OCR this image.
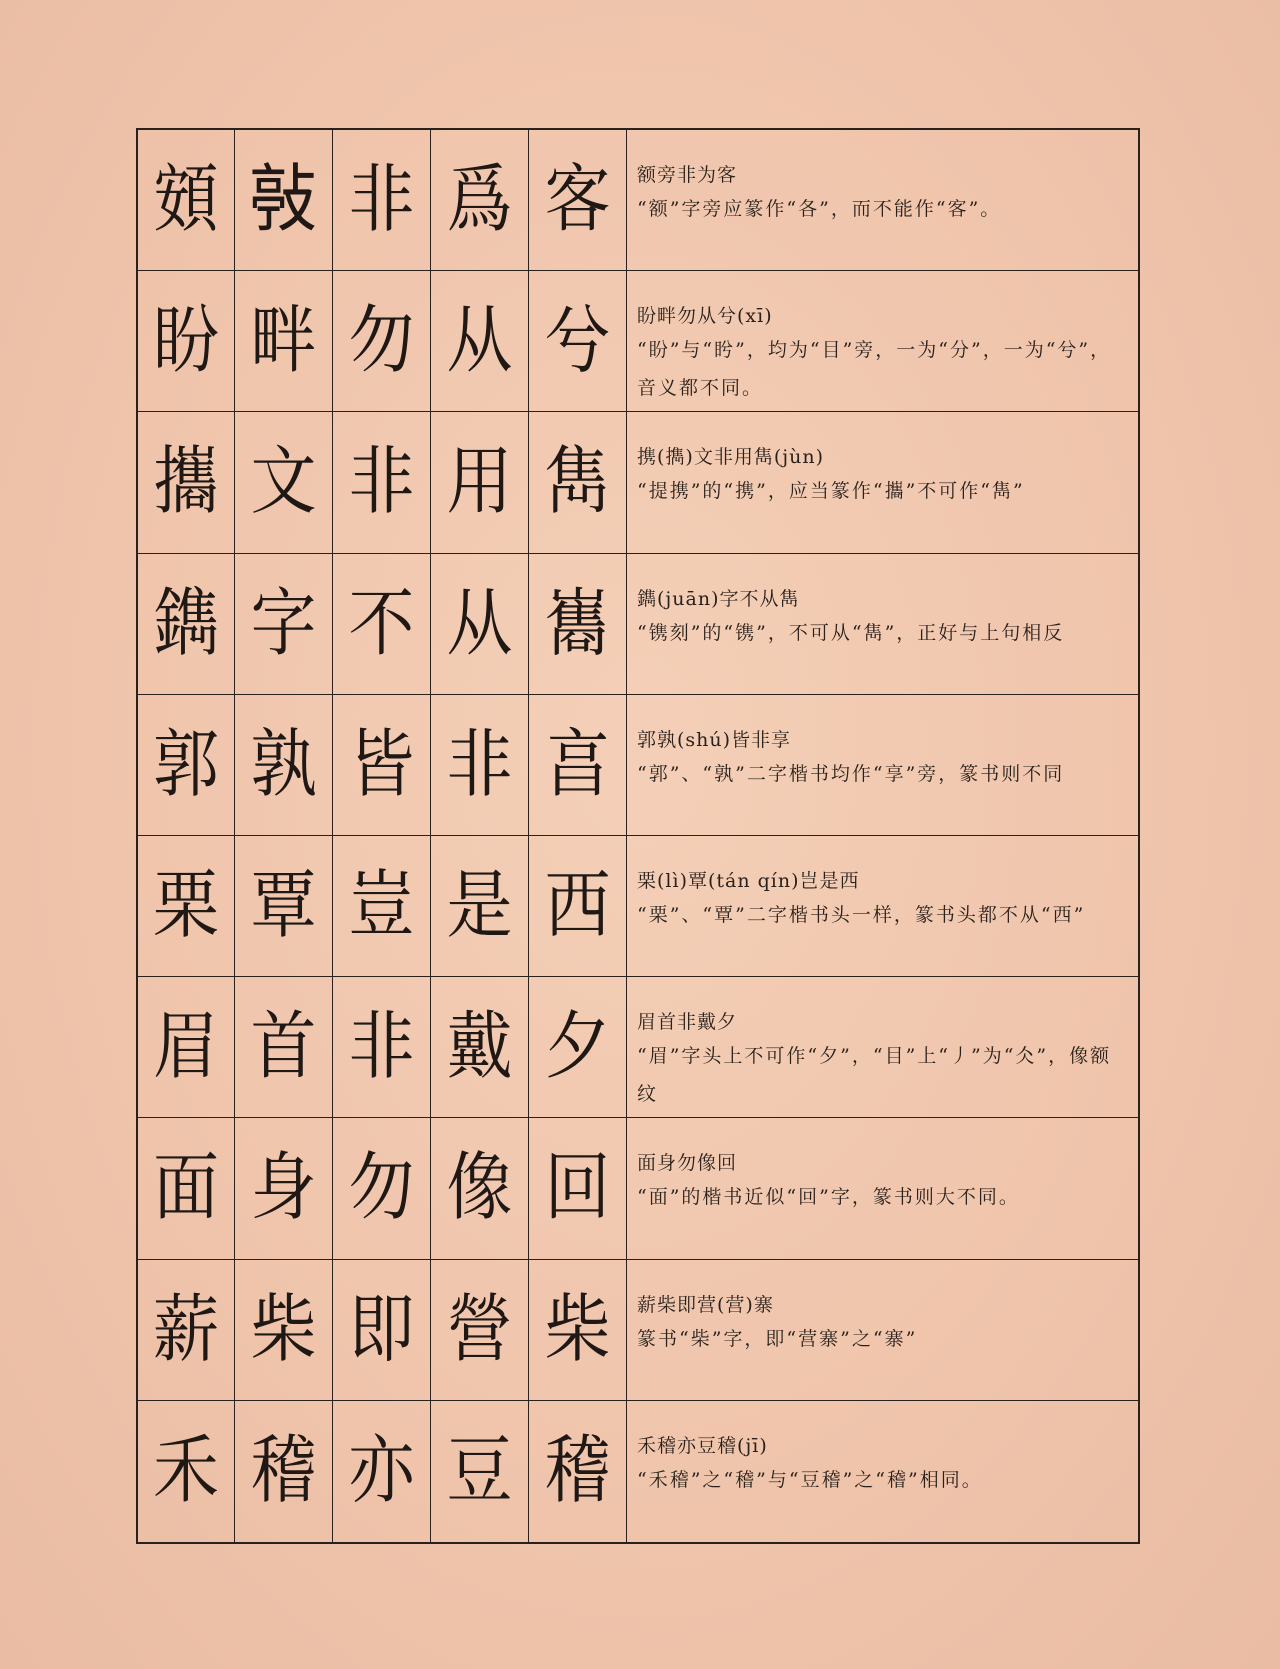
頞 𢾊 非 爲 客 额旁非为客
“额”字旁应篆作“各”，而不能作“客”。
盼 畔 勿 从 兮 盼畔勿从兮(xī)
“盼”与“盻”，均为“目”旁，一为“分”，一为“兮”，音义都不同。
攜 文 非 用 雋 携(擕)文非用雋(jùn)
“提携”的“携”，应当篆作“攜”不可作“雋”
鐫 字 不 从 巂 鐫(juān)字不从雋
“镌刻”的“镌”，不可从“雋”，正好与上句相反
郭 孰 皆 非 亯 郭孰(shú)皆非享
“郭”、“孰”二字楷书均作“享”旁，篆书则不同
栗 覃 豈 是 西 栗(lì)覃(tán qín)岂是西
“栗”、“覃”二字楷书头一样，篆书头都不从“西”
眉 首 非 戴 夕 眉首非戴夕
“眉”字头上不可作“夕”，“目”上“丿”为“仌”，像额纹
面 身 勿 像 回 面身勿像回
“面”的楷书近似“回”字，篆书则大不同。
薪 柴 即 營 柴 薪柴即营(营)寨
篆书“柴”字，即“营寨”之“寨”
禾 稽 亦 豆 稽 禾稽亦豆稽(jī)
“禾稽”之“稽”与“豆稽”之“稽”相同。
